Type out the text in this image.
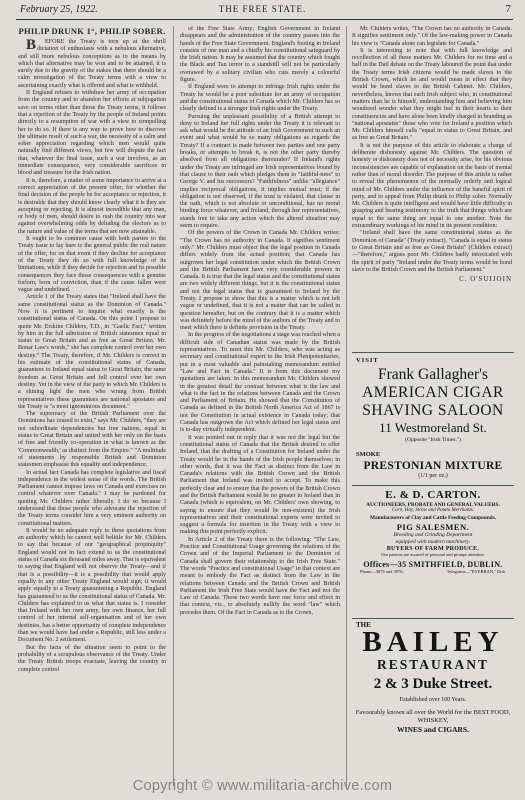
February 25, 1922.	THE FREE STATE.	7
PHILIP DRUNK 1°, PHILIP SOBER.

B EFORE the Treaty is torn up at the shrill dictation of enthusiasts with a nebulous alternative, and still more nebulous conceptions as to the means by which that alternative may be won and to be attained, it is surely due to the gravity of the stakes that there should be a calm investigation of the Treaty terms with a view to ascertaining exactly what is offered and what is withheld.

If England refuses to withdraw her army of occupation from the country and to abandon her efforts at subjugation save on terms other than those the Treaty terms, it follows that a rejection of the Treaty by the people of Ireland points directly to a resumption of war with a view to compelling her to do so. If there is any way to prove how to discover the ultimate result of such a war, the necessity of a calm and sober appreciation regarding which men would quite naturally find different views, but few will dispute the fact that, whatever the final issue, such a war involves, as an immediate consequence, very considerable sacrifices in blood and treasure for the Irish nation.

It is, therefore, a matter of some importance to arrive at a correct appreciation of the present offer; for whether the final decision of the people be for acceptance or rejection, it is desirable that they should know clearly what it is they are accepting or rejecting. It is almost incredible that any man, or body of men, should desire to rush the country into war against overwhelming odds by deluding the electors as to the nature and value of the terms that are now attainable.

It ought to be common cause with both parties to the Treaty issue to lay bare to the general public the real nature of the offer, for on that event if they decline for acceptance of the Treaty they do so with full knowledge of its limitations, while if they decide for rejection and its possible consequences they face those consequences with a genuine forlorn, born of conviction, than if the cause fallen were vague and undefined.

Article 1 of the Treaty states that "Ireland shall have the same constitutional status as the Dominion of Canada." Now it is pertinent to inquire what exactly is the constitutional status of Canada. On this point I propose to quote Mr. Erskine Childers, T.D., in "Gaelic Fact," written by him in the full admission of British statesmen equal in status to Great Britain and as free as Great Britain. Mr. Bonar Law's words," she has complete control over her own destiny." The Treaty, therefore, if Mr. Childers is correct in his estimate of the constitutional status of Canada, guarantees to Ireland equal status to Great Britain, the same freedom as Great Britain and full control over her own destiny. Yet in the view of the party to which Mr. Childers is a shining light the men who wrung from British representatives these guarantees are national apostates and the Treaty is "a most ignominious document."

The supremacy of the British Parliament over the Dominions has ceased to exist," says Mr. Childers, "they are not subordinate dependencies but free nations, equal in status to Great Britain and united with her only on the basis of free and friendly co-operation in what is known as the 'Commonwealth,' as distinct from the Empire." "A multitude of statements by responsible British and Dominion statesmen emphasise this equality and independence.

In actual fact Canada has complete legislative and fiscal independence in the widest sense of the words. The British Parliament cannot impose laws on Canada and exercises no control whatever over Canada." I may be pardoned for quoting Mr. Childers rather liberally. I do so because I understand that those people who advocate the rejection of the Treaty terms consider him a very eminent authority on constitutional matters.

It would be no adequate reply to these quotations from an authority which he cannot well belittle for Mr. Childers to say that because of our "geographical propinquity" England would not in fact extend to us the constitutional status of Canada six thousand miles away. That is equivalent to saying that England will not observe the Treaty—and if that is a possibility—it is a possibility that would apply equally to any other Treaty England would sign; it would apply equally to a Treaty guaranteeing a Republic. England has guaranteed to us the constitutional status of Canada. Mr. Childers has explained to us what that status is. I consider that Ireland with her own army, her own finance, her full control of her internal self-organisation and of her own destinies, has a better opportunity of complete independence than we would have had under a Republic, still less under a Document No. 2 settlement.

But the facts of the situation seem to point to the probability of a scrupulous observance of the Treaty. Under the Treaty British troops evacuate, leaving the country in complete control

of the Free State Army; English Government in Ireland disappears and the administration of the country passes into the hands of the Free State Government. England's footing in Ireland consists of one man and a chiefly his constitutional safeguard by the Irish nation. It may be assumed that the country which fought the Black and Tan terror to a standstill will not be particularly overawed by a solitary civilian who cuts merely a colourful figure.

If England were to attempt to infringe Irish rights under the Treaty he would be a poor substitute for an army of occupation and the constitutional status of Canada which Mr. Childers has so clearly defined is a stronger Irish rights under the Treaty.

Pursuing the unpleasant possibility of a British attempt to deny to Ireland her full rights under the Treaty it is relevant to ask what would be the attitude of an Irish Government in such an event and what would be so many obligations as regards the Treaty? If a contract is made between two parties and one party breaks, or attempts to break it, is not the other party thereby absolved from all obligations thereunder? If Ireland's rights under the Treaty are infringed are Irish representatives bound by that clause to their oath which pledges them to "faithful-ness" to George V. and his successors? "Faithfulness" unlike "allegiance" implies reciprocal obligations, it implies mutual trust; if the obligation is not observed, if the trust is violated, that clause in the oath, which is not absolute or unconditional, has no moral binding force whatever, and Ireland, through her representatives, stands free to take any action which the altered situation may seem to require.

Of the powers of the Crown in Canada Mr. Childers writes: "The Crown has no authority in Canada. It signifies sentiment only." Mr. Childers must object that the legal position in Canada differs widely from the actual position; that Canada has outgrown her legal constitution under which the British Crown and the British Parliament have very considerable powers in Canada. It is true that the legal status and the constitutional status are two widely different things, but it is the constitutional status and not the legal status that is guaranteed to Ireland by the Treaty. I propose to show that this is a matter which is not left vague or undefined, that it is not a matter that can be called in question hereafter, but on the contrary that it is a matter which was definitely before the mind of the authors of the Treaty and to meet which there is definite provision in the Treaty.

In the progress of the negotiations a stage was reached when a difficult side of Canadian status was made by the British representatives. To meet this Mr. Childers, who was acting as secretary and constitutional expert to the Irish Plenipotentiaries, put in a most valuable and painstaking memorandum entitled "Law and Fact in Canada." It is from this document my quotations are taken. In this memorandum Mr. Childers showed in the greatest detail the contrast between what is the law and what is the fact in the relations between Canada and the Crown and Parliament of Britain. He showed that the Constitution of Canada as defined in the British North America Act of 1867 is not the Constitution in actual existence in Canada today; that Canada has outgrown the Act which defined her legal status and is to-day virtually independent.

It was pointed out in reply that it was not the legal but the constitutional status of Canada that the British desired to offer Ireland, that the drafting of a Constitution for Ireland under the Treaty would be in the hands of the Irish people themselves; in other words, that it was the Fact as distinct from the Law in Canada's relations with the British Crown and the British Parliament that Ireland was invited to accept. To make this perfectly clear and to ensure that the powers of the British Crown and the British Parliament would be no greater in Ireland than in Canada (which is equivalent, on Mr. Childers' own showing, to saying to ensure that they would be non-existent) the Irish representatives and their constitutional experts were invited to suggest a formula for insertion in the Treaty with a view to making this point perfectly explicit.

In Article 2 of the Treaty there is the following: "The Law, Practice and Constitutional Usage governing the relations of the Crown and of the Imperial Parliament to the Dominion of Canada shall govern their relationship to the Irish Free State." The words "Practice and constitutional Usage" in that context are meant to embody the Fact as distinct from the Law in the relations between Canada and the British Crown and British Parliament the Irish Free State would have the Fact and not the Law of Canada. Those two words have one force and effect in that context, viz., to absolutely nullify the word "law" which precedes them. Of the Fact in Canada as to the Crown,

Mr. Childers writes, "The Crown has no authority in Canada. It signifies sentiment only." Of the law-making power in Canada his view is "Canada alone can legislate for Canada."

It is interesting to note that with full knowledge and recollection of all these matters Mr. Childers for no time and a half in the Dail debate on the Treaty laboured the point that under the Treaty terms Irish citizens would be made slaves to the British Crown, which he and would mean in effect that they would be bond slaves to the British Cabinet. Mr. Childers, nevertheless, knows that each Irish subject who, in constitutional matters than he is himself, understanding him and believing him wondered wonder what they might feel in their hearts to their constituencies and have alone been kindly charged in branding as "national apostates" those who vote for Ireland a position which Mr. Childers himself calls "equal in status to Great Britain, and as free as Great Britain."

It is not the purpose of this article to elaborate a charge of deliberate dishonesty against Mr. Childers. The question of honesty or dishonesty does not of necessity arise, for his obvious inconsistencies are capable of explanation on the basis of mental rather than of moral disorder. The purpose of this article is rather to reveal the phenomenon of the normally orderly and logical mind of Mr. Childers under the influence of the baneful spirit of party, and to appeal from Philip drunk to Philip sober. Normally Mr. Childers is quite intelligent and would have little difficulty in grasping and bearing testimony to the truth that things which are equal to the same thing are equal to one another. Note the extraordinary workings of his mind in its present condition:

"Ireland shall have the same constitutional status as the Dominion of Canada" (Treaty extract). "Canada is equal in status to Great Britain and as free as Great Britain" (Childers extract)—"therefore," argues poor Mr. Childers badly intoxicated with the spirit of party "Ireland under the Treaty terms would be bond slave to the British Crown and the British Parliament."

C. O'SUIJOIN

VISIT
Frank Gallagher's
AMERICAN CIGAR
SHAVING SALOON
11 Westmoreland St.
(Opposite "Irish Times.")
SMOKE
PRESTONIAN MIXTURE
(1/1 per oz.)
E. & D. CARTON.
AUCTIONEERS, PROBATE AND GENERAL VALUERS.
Corn, Hay, Straw and Potato Merchants.
Manufacturers of Clay and Cattle Feeding Compounds.
PIG SALESMEN.
Breeding and Grinding Department
equipped with modern machinery.
BUYERS OF FARM PRODUCE.
Our patrons are assured of personal and prompt attention.
Offices—35 SMITHFIELD, DUBLIN.
Phone—3876 and 3976.	Telegrams—"EYEBRAN," Dub.
THE
BAILEY
RESTAURANT
2 & 3 Duke Street.
Established over 100 Years.
Favourably known all over the World for the BEST FOOD, WHISKEY,
WINES and CIGARS.
Copyright © www.militaria-archive.com
